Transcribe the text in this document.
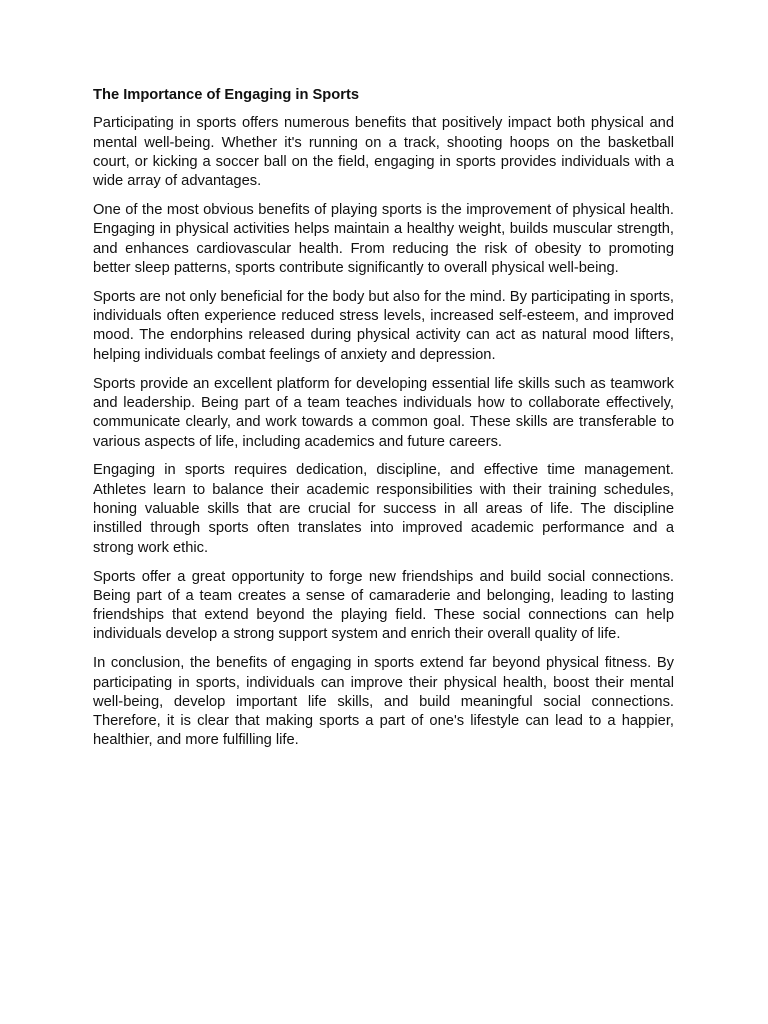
The Importance of Engaging in Sports

Participating in sports offers numerous benefits that positively impact both physical and mental well-being. Whether it's running on a track, shooting hoops on the basketball court, or kicking a soccer ball on the field, engaging in sports provides individuals with a wide array of advantages.

One of the most obvious benefits of playing sports is the improvement of physical health. Engaging in physical activities helps maintain a healthy weight, builds muscular strength, and enhances cardiovascular health. From reducing the risk of obesity to promoting better sleep patterns, sports contribute significantly to overall physical well-being.

Sports are not only beneficial for the body but also for the mind. By participating in sports, individuals often experience reduced stress levels, increased self-esteem, and improved mood. The endorphins released during physical activity can act as natural mood lifters, helping individuals combat feelings of anxiety and depression.

Sports provide an excellent platform for developing essential life skills such as teamwork and leadership. Being part of a team teaches individuals how to collaborate effectively, communicate clearly, and work towards a common goal. These skills are transferable to various aspects of life, including academics and future careers.

Engaging in sports requires dedication, discipline, and effective time management. Athletes learn to balance their academic responsibilities with their training schedules, honing valuable skills that are crucial for success in all areas of life. The discipline instilled through sports often translates into improved academic performance and a strong work ethic.

Sports offer a great opportunity to forge new friendships and build social connections. Being part of a team creates a sense of camaraderie and belonging, leading to lasting friendships that extend beyond the playing field. These social connections can help individuals develop a strong support system and enrich their overall quality of life.

In conclusion, the benefits of engaging in sports extend far beyond physical fitness. By participating in sports, individuals can improve their physical health, boost their mental well-being, develop important life skills, and build meaningful social connections. Therefore, it is clear that making sports a part of one's lifestyle can lead to a happier, healthier, and more fulfilling life.
